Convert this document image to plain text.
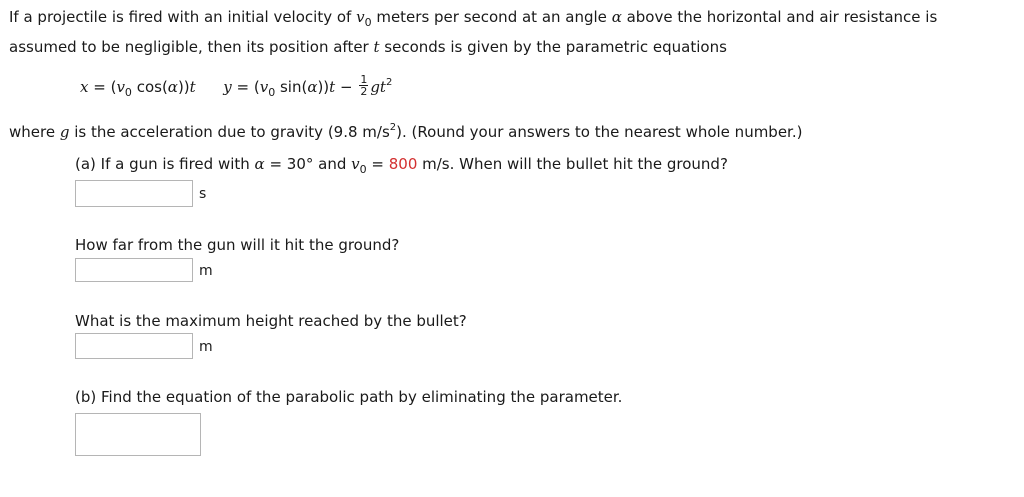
If a projectile is fired with an initial velocity of $v_0$ meters per second at an angle α above the horizontal and air resistance is
assumed to be negligible, then its position after t seconds is given by the parametric equations
$x = (v_0$ cos(α))t $y = (v_0$ $\sin(\alpha))t - \frac{1}{2} gt^2$
where g is the acceleration due to gravity (9.8 $m/s^2$). (Round your answers to the nearest whole number.)
(a) If a gun is fired with α = 30° and $v_0 = 800$ m/s. When will the bullet hit the ground?
s
How far from the gun will it hit the ground?
m
What is the maximum height reached by the bullet?
m
(b) Find the equation of the parabolic path by eliminating the parameter.
